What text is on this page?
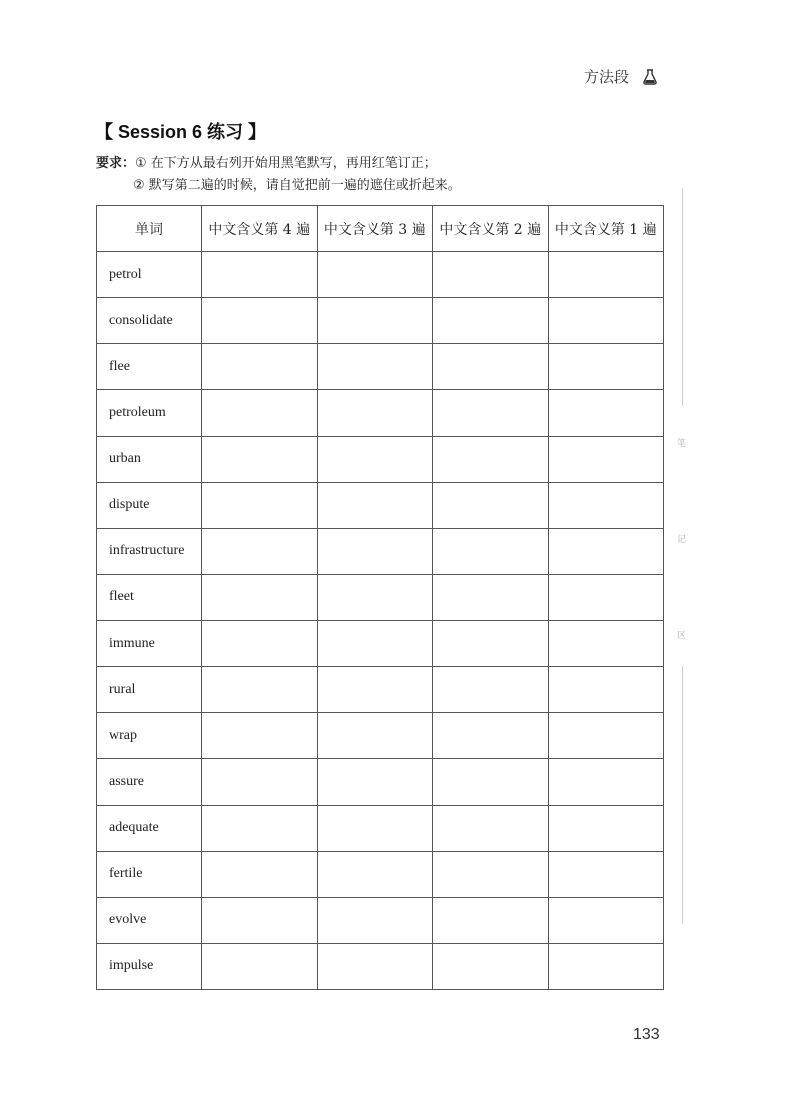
方法段
【 Session 6 练习 】
要求：① 在下方从最右列开始用黑笔默写，再用红笔订正；
② 默写第二遍的时候，请自觉把前一遍的遮住或折起来。
单词	中文含义第 4 遍	中文含义第 3 遍	中文含义第 2 遍	中文含义第 1 遍
petrol				
consolidate				
flee				
petroleum				
urban				
dispute				
infrastructure				
fleet				
immune				
rural				
wrap				
assure				
adequate				
fertile				
evolve				
impulse				
笔
记
区
133
